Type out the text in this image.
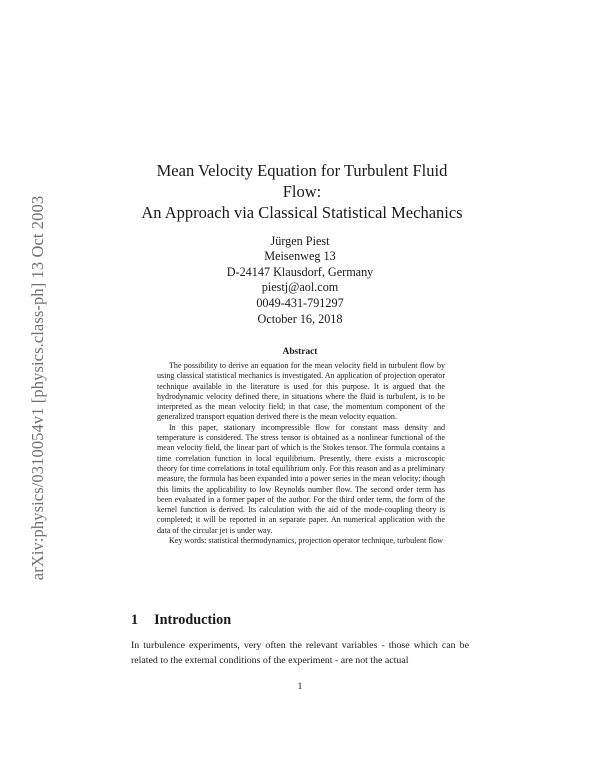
arXiv:physics/0310054v1 [physics.class-ph] 13 Oct 2003
Mean Velocity Equation for Turbulent Fluid
Flow:
An Approach via Classical Statistical Mechanics
Jürgen Piest
Meisenweg 13
D-24147 Klausdorf, Germany
piestj@aol.com
0049-431-791297
October 16, 2018
Abstract

The possibility to derive an equation for the mean velocity field in turbulent flow by using classical statistical mechanics is investigated. An application of projection operator technique available in the literature is used for this purpose. It is argued that the hydrodynamic velocity defined there, in situations where the fluid is turbulent, is to be interpreted as the mean velocity field; in that case, the momentum component of the generalized transport equation derived there is the mean velocity equation.

In this paper, stationary incompressible flow for constant mass density and temperature is considered. The stress tensor is obtained as a nonlinear functional of the mean velocity field, the linear part of which is the Stokes tensor. The formula contains a time correlation function in local equilibrium. Presently, there exists a microscopic theory for time correlations in total equilibrium only. For this reason and as a preliminary measure, the formula has been expanded into a power series in the mean velocity; though this limits the applicability to low Reynolds number flow. The second order term has been evaluated in a former paper of the author. For the third order term, the form of the kernel function is derived. Its calculation with the aid of the mode-coupling theory is completed; it will be reported in an separate paper. An numerical application with the data of the circular jet is under way.

Key words: statistical thermodynamics, projection operator technique, turbulent flow

1 Introduction
In turbulence experiments, very often the relevant variables - those which can be related to the external conditions of the experiment - are not the actual
1
